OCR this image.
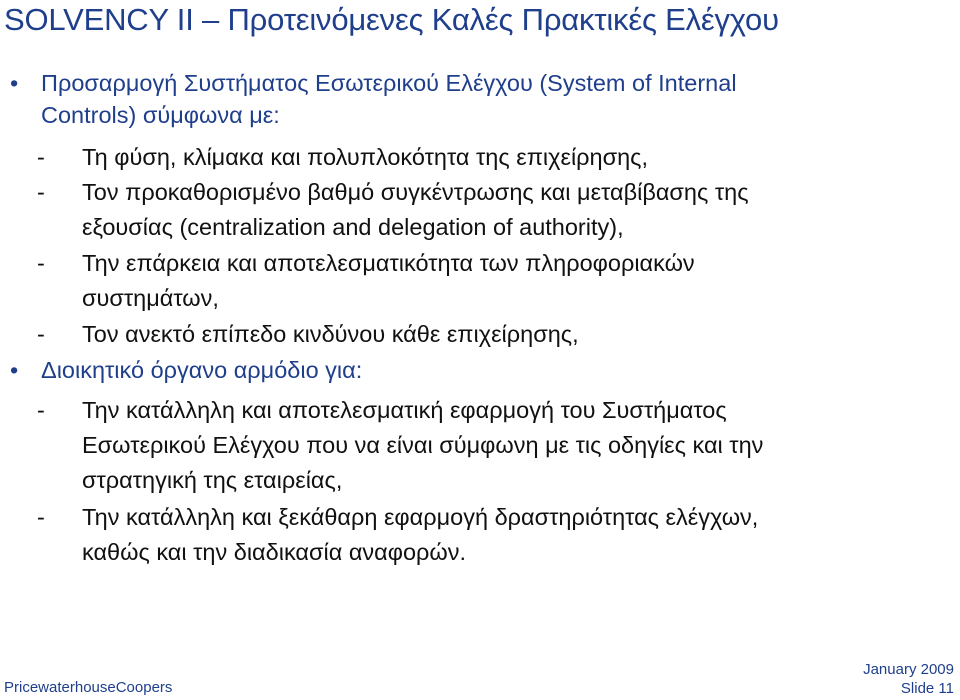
SOLVENCY II – Προτεινόμενες Καλές Πρακτικές Ελέγχου
• Προσαρμογή Συστήματος Εσωτερικού Ελέγχου (System of Internal
Controls) σύμφωνα με:
- Τη φύση, κλίμακα και πολυπλοκότητα της επιχείρησης,
- Τον προκαθορισμένο βαθμό συγκέντρωσης και μεταβίβασης της
εξουσίας (centralization and delegation of authority),
- Την επάρκεια και αποτελεσματικότητα των πληροφοριακών
συστημάτων,
- Τον ανεκτό επίπεδο κινδύνου κάθε επιχείρησης,
• Διοικητικό όργανο αρμόδιο για:
- Την κατάλληλη και αποτελεσματική εφαρμογή του Συστήματος
Εσωτερικού Ελέγχου που να είναι σύμφωνη με τις οδηγίες και την
στρατηγική της εταιρείας,
- Την κατάλληλη και ξεκάθαρη εφαρμογή δραστηριότητας ελέγχων,
καθώς και την διαδικασία αναφορών.
PricewaterhouseCoopers
January 2009
Slide 11
